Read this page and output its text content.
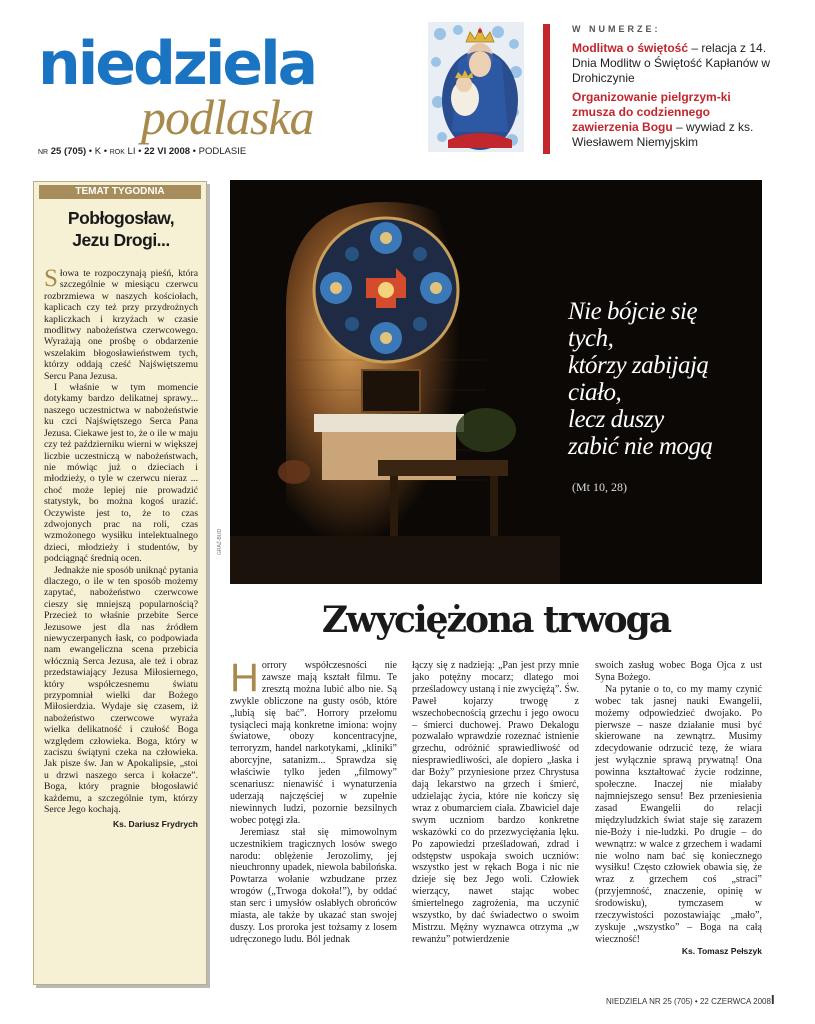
niedziela
podlaska
NR 25 (705) • K • ROK LI • 22 VI 2008 • PODLASIE
W NUMERZE:
Modlitwa o świętość – relacja z 14. Dnia Modlitw o Świętość Kapłanów w Drohiczynie
Organizowanie pielgrzym-ki zmusza do codziennego zawierzenia Bogu – wywiad z ks. Wiesławem Niemyjskim
TEMAT TYGODNIA
Pobłogosław,
Jezu Drogi...

Słowa te rozpoczynają pieśń, która szczególnie w miesiącu czerwcu rozbrzmiewa w naszych kościołach, kaplicach czy też przy przydrożnych kapliczkach i krzyżach w czasie modlitwy nabożeństwa czerwcowego. Wyrażają one prośbę o obdarzenie wszelakim błogosławieństwem tych, którzy oddają cześć Najświętszemu Sercu Pana Jezusa.

I właśnie w tym momencie dotykamy bardzo delikatnej sprawy... naszego uczestnictwa w nabożeństwie ku czci Najświętszego Serca Pana Jezusa. Ciekawe jest to, że o ile w maju czy też październiku wierni w większej liczbie uczestniczą w nabożeństwach, nie mówiąc już o dzieciach i młodzieży, o tyle w czerwcu nieraz ... choć może lepiej nie prowadzić statystyk, bo można kogoś urazić. Oczywiste jest to, że to czas zdwojonych prac na roli, czas wzmożonego wysiłku intelektualnego dzieci, młodzieży i studentów, by podciągnąć średnią ocen.

Jednakże nie sposób uniknąć pytania dlaczego, o ile w ten sposób możemy zapytać, nabożeństwo czerwcowe cieszy się mniejszą popularnością? Przecież to właśnie przebite Serce Jezusowe jest dla nas źródłem niewyczerpanych łask, co podpowiada nam ewangeliczna scena przebicia włócznią Serca Jezusa, ale też i obraz przedstawiający Jezusa Miłosiernego, który współczesnemu światu przypomniał wielki dar Bożego Miłosierdzia. Wydaje się czasem, iż nabożeństwo czerwcowe wyraża wielka delikatność i czułość Boga względem człowieka. Boga, który w zaciszu świątyni czeka na człowieka. Jak pisze św. Jan w Apokalipsie, „stoi u drzwi naszego serca i kołacze”. Boga, który pragnie błogosławić każdemu, a szczególnie tym, którzy Serce Jego kochają.

Ks. Dariusz Frydrych
GRAŻ-BUD
Nie bójcie się
tych,
którzy zabijają
ciało,
lecz duszy
zabić nie mogą
(Mt 10, 28)
Zwyciężona trwoga

Horrory współczesności nie zawsze mają kształt filmu. Te zresztą można lubić albo nie. Są zwykle obliczone na gusty osób, które „lubią się bać”. Horrory przełomu tysiącleci mają konkretne imiona: wojny światowe, obozy koncentracyjne, terroryzm, handel narkotykami, „kliniki” aborcyjne, satanizm... Sprawdza się właściwie tylko jeden „filmowy” scenariusz: nienawiść i wynaturzenia uderzają najczęściej w zupełnie niewinnych ludzi, pozornie bezsilnych wobec potęgi zła.

Jeremiasz stał się mimowolnym uczestnikiem tragicznych losów swego narodu: oblężenie Jerozolimy, jej nieuchronny upadek, niewola babilońska. Powtarza wołanie wzbudzane przez wrogów („Trwoga dokoła!”), by oddać stan serc i umysłów osłabłych obrońców miasta, ale także by ukazać stan swojej duszy. Los proroka jest tożsamy z losem udręczonego ludu. Ból jednak

łączy się z nadzieją: „Pan jest przy mnie jako potężny mocarz; dlatego moi prześladowcy ustaną i nie zwyciężą”. Św. Paweł kojarzy trwogę z wszechobecnością grzechu i jego owocu – śmierci duchowej. Prawo Dekalogu pozwalało wprawdzie rozeznać istnienie grzechu, odróżnić sprawiedliwość od niesprawiedliwości, ale dopiero „łaska i dar Boży” przyniesione przez Chrystusa dają lekarstwo na grzech i śmierć, udzielając życia, które nie kończy się wraz z obumarciem ciała. Zbawiciel daje swym uczniom bardzo konkretne wskazówki co do przezwyciężania lęku. Po zapowiedzi prześladowań, zdrad i odstępstw uspokaja swoich uczniów: wszystko jest w rękach Boga i nic nie dzieje się bez Jego woli. Człowiek wierzący, nawet stając wobec śmiertelnego zagrożenia, ma uczynić wszystko, by dać świadectwo o swoim Mistrzu. Mężny wyznawca otrzyma „w rewanżu” potwierdzenie

swoich zasług wobec Boga Ojca z ust Syna Bożego.

Na pytanie o to, co my mamy czynić wobec tak jasnej nauki Ewangelii, możemy odpowiedzieć dwojako. Po pierwsze – nasze działanie musi być skierowane na zewnątrz. Musimy zdecydowanie odrzucić tezę, że wiara jest wyłącznie sprawą prywatną! Ona powinna kształtować życie rodzinne, społeczne. Inaczej nie miałaby najmniejszego sensu! Bez przeniesienia zasad Ewangelii do relacji międzyludzkich świat staje się zarazem nie-Boży i nie-ludzki. Po drugie – do wewnątrz: w walce z grzechem i wadami nie wolno nam bać się koniecznego wysiłku! Często człowiek obawia się, że wraz z grzechem coś „straci” (przyjemność, znaczenie, opinię w środowisku), tymczasem w rzeczywistości pozostawiając „mało”, zyskuje „wszystko” – Boga na całą wieczność!

Ks. Tomasz Pełszyk
NIEDZIELA NR 25 (705) • 22 CZERWCA 2008 I
